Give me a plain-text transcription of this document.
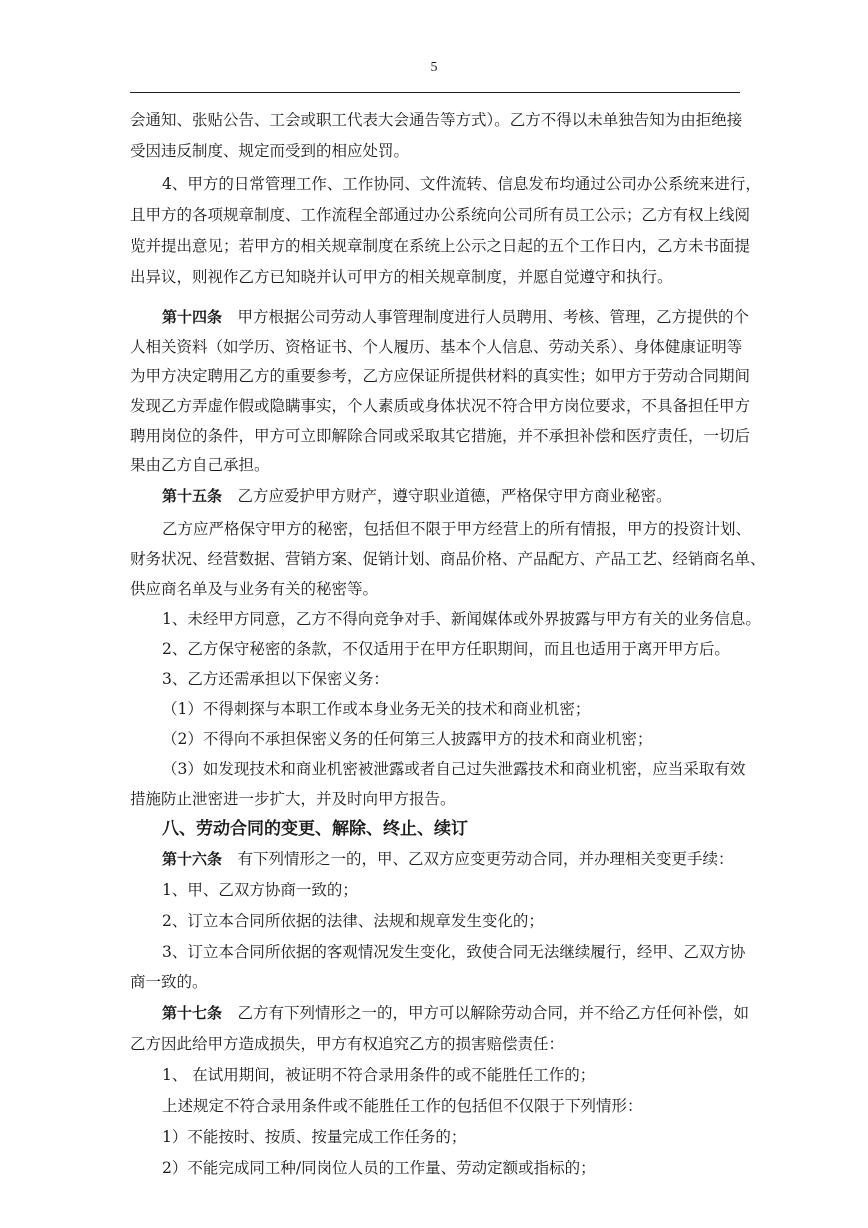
5
会通知、张贴公告、工会或职工代表大会通告等方式）。乙方不得以未单独告知为由拒绝接
受因违反制度、规定而受到的相应处罚。
4、甲方的日常管理工作、工作协同、文件流转、信息发布均通过公司办公系统来进行，
且甲方的各项规章制度、工作流程全部通过办公系统向公司所有员工公示；乙方有权上线阅
览并提出意见；若甲方的相关规章制度在系统上公示之日起的五个工作日内，乙方未书面提
出异议，则视作乙方已知晓并认可甲方的相关规章制度，并愿自觉遵守和执行。
第十四条　甲方根据公司劳动人事管理制度进行人员聘用、考核、管理，乙方提供的个
人相关资料（如学历、资格证书、个人履历、基本个人信息、劳动关系）、身体健康证明等
为甲方决定聘用乙方的重要参考，乙方应保证所提供材料的真实性；如甲方于劳动合同期间
发现乙方弄虚作假或隐瞒事实，个人素质或身体状况不符合甲方岗位要求，不具备担任甲方
聘用岗位的条件，甲方可立即解除合同或采取其它措施，并不承担补偿和医疗责任，一切后
果由乙方自己承担。
第十五条　乙方应爱护甲方财产，遵守职业道德，严格保守甲方商业秘密。
乙方应严格保守甲方的秘密，包括但不限于甲方经营上的所有情报，甲方的投资计划、
财务状况、经营数据、营销方案、促销计划、商品价格、产品配方、产品工艺、经销商名单、
供应商名单及与业务有关的秘密等。
1、未经甲方同意，乙方不得向竞争对手、新闻媒体或外界披露与甲方有关的业务信息。
2、乙方保守秘密的条款，不仅适用于在甲方任职期间，而且也适用于离开甲方后。
3、乙方还需承担以下保密义务：
（1）不得刺探与本职工作或本身业务无关的技术和商业机密；
（2）不得向不承担保密义务的任何第三人披露甲方的技术和商业机密；
（3）如发现技术和商业机密被泄露或者自己过失泄露技术和商业机密，应当采取有效
措施防止泄密进一步扩大，并及时向甲方报告。
八、劳动合同的变更、解除、终止、续订
第十六条　有下列情形之一的，甲、乙双方应变更劳动合同，并办理相关变更手续：
1、甲、乙双方协商一致的；
2、订立本合同所依据的法律、法规和规章发生变化的；
3、订立本合同所依据的客观情况发生变化，致使合同无法继续履行，经甲、乙双方协
商一致的。
第十七条　乙方有下列情形之一的，甲方可以解除劳动合同，并不给乙方任何补偿，如
乙方因此给甲方造成损失，甲方有权追究乙方的损害赔偿责任：
1、 在试用期间，被证明不符合录用条件的或不能胜任工作的；
上述规定不符合录用条件或不能胜任工作的包括但不仅限于下列情形：
1）不能按时、按质、按量完成工作任务的；
2）不能完成同工种/同岗位人员的工作量、劳动定额或指标的；
